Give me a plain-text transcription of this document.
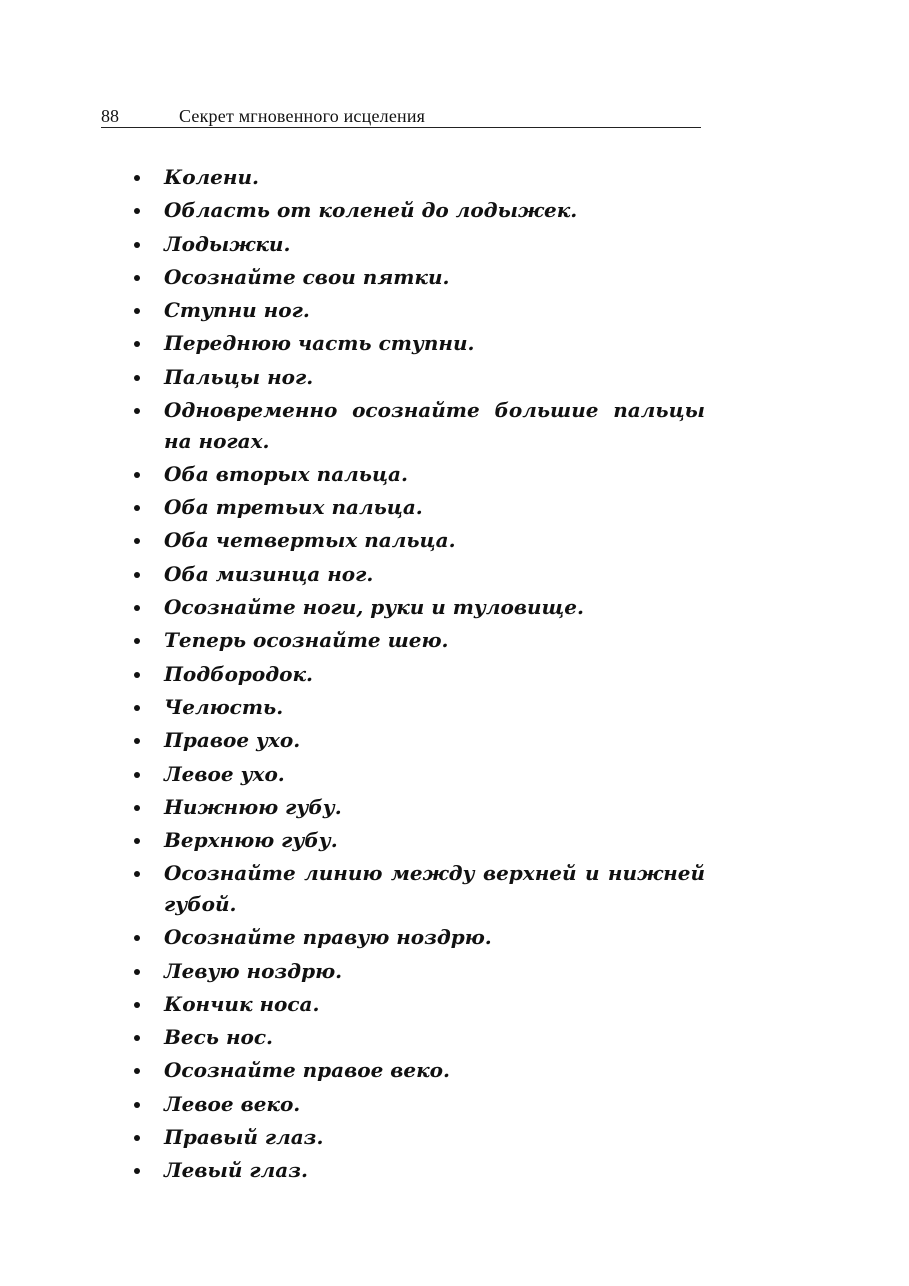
88	Секрет мгновенного исцеления
Колени.
Область от коленей до лодыжек.
Лодыжки.
Осознайте свои пятки.
Ступни ног.
Переднюю часть ступни.
Пальцы ног.
Одновременно осознайте большие пальцы на ногах.
Оба вторых пальца.
Оба третьих пальца.
Оба четвертых пальца.
Оба мизинца ног.
Осознайте ноги, руки и туловище.
Теперь осознайте шею.
Подбородок.
Челюсть.
Правое ухо.
Левое ухо.
Нижнюю губу.
Верхнюю губу.
Осознайте линию между верхней и нижней губой.
Осознайте правую ноздрю.
Левую ноздрю.
Кончик носа.
Весь нос.
Осознайте правое веко.
Левое веко.
Правый глаз.
Левый глаз.
